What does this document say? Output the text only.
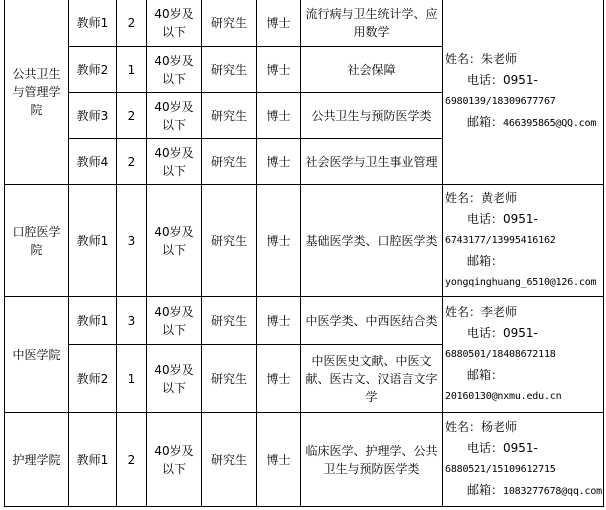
公共卫生与管理学院	教师1	2	40岁及以下	研究生	博士	流行病与卫生统计学、应用数学	姓名：朱老师
电话：0951-
6980139/18309677767
邮箱：466395865@QQ.com

	教师2	1	40岁及以下	研究生	博士	社会保障	
	教师3	2	40岁及以下	研究生	博士	公共卫生与预防医学类	
	教师4	2	40岁及以下	研究生	博士	社会医学与卫生事业管理	
口腔医学院	教师1	3	40岁及以下	研究生	博士	基础医学类、口腔医学类	姓名：黄老师
电话：0951-
6743177/13995416162
邮箱：
yongqinghuang_6510@126.com

中医学院	教师1	3	40岁及以下	研究生	博士	中医学类、中西医结合类	姓名：李老师
电话：0951-
6880501/18408672118
邮箱：
20160130@nxmu.edu.cn

	教师2	1	40岁及以下	研究生	博士	中医医史文献、中医文献、医古文、汉语言文字学	
护理学院	教师1	2	40岁及以下	研究生	博士	临床医学、护理学、公共卫生与预防医学类	姓名：杨老师
电话：0951-
6880521/15109612715
邮箱：1083277678@qq.com
